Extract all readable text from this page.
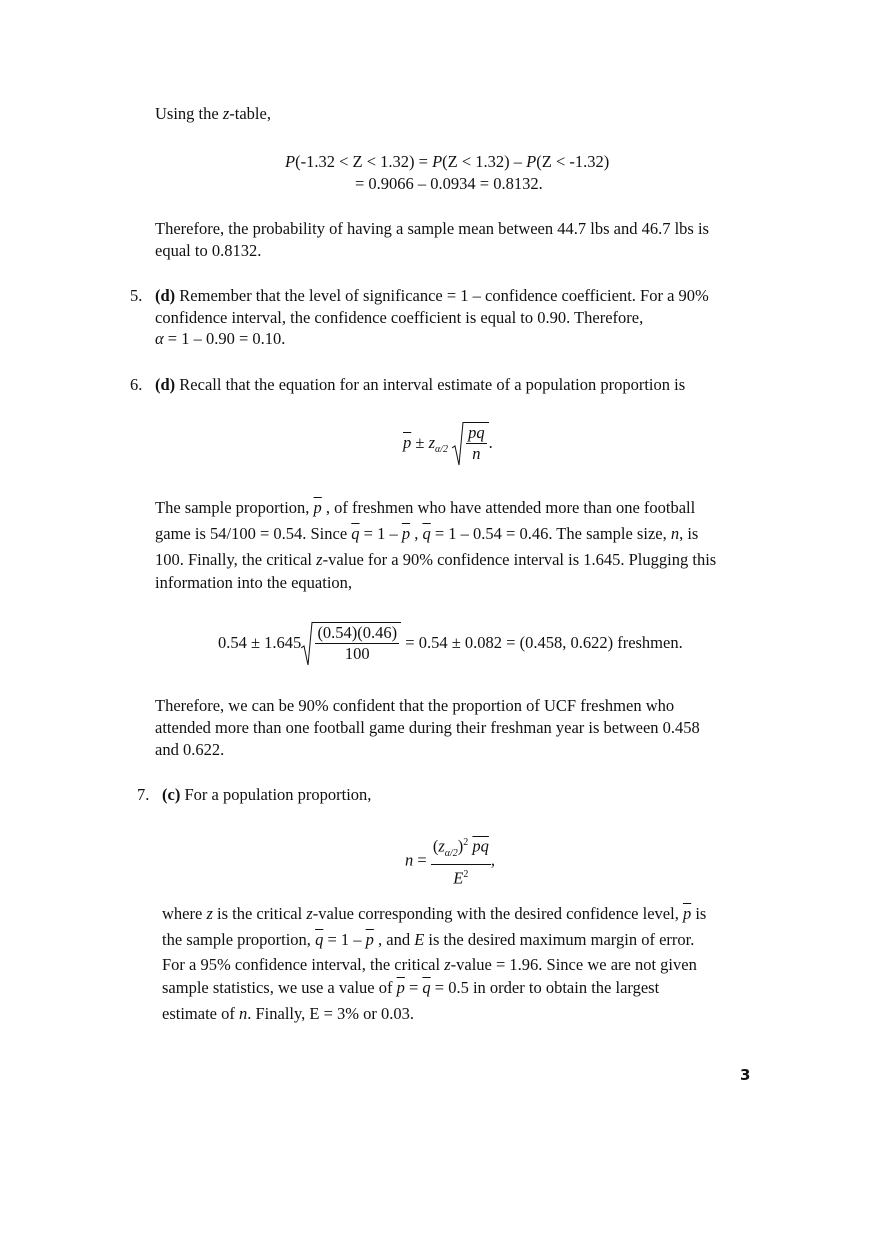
Using the z-table,
P(-1.32 < Z < 1.32) = P(Z < 1.32) – P(Z < -1.32)
= 0.9066 – 0.0934 = 0.8132.
Therefore, the probability of having a sample mean between 44.7 lbs and 46.7 lbs is
equal to 0.8132.
5. (d) Remember that the level of significance = 1 – confidence coefficient. For a 90%
confidence interval, the confidence coefficient is equal to 0.90. Therefore,
α = 1 – 0.90 = 0.10.
6. (d) Recall that the equation for an interval estimate of a population proportion is
$\overline{p} \pm z_{\alpha/2} \frac{\overline{pq}}{n}$ .
The sample proportion, $\overline{p}$ , of freshmen who have attended more than one football
game is 54/100 = 0.54. Since $\overline{q} = 1 - \overline{p}$ , $\overline{q} = 1 - 0.54 = 0.46$. The sample size, n, is
100. Finally, the critical z-value for a 90% confidence interval is 1.645. Plugging this
information into the equation,
$0.54 \pm 1.645 \frac{(0.54)(0.46)}{100} = 0.54 \pm 0.082 = (0.458$, 0.622) freshmen.
Therefore, we can be 90% confident that the proportion of UCF freshmen who
attended more than one football game during their freshman year is between 0.458
and 0.622.
7. (c) For a population proportion,
$n = \frac{(z_{\alpha/2})^2 \overline{pq}}{E^2}$ ,
where z is the critical z-value corresponding with the desired confidence level, $\overline{p}$ is
the sample proportion, $\overline{q} = 1 - \overline{p}$ , and E is the desired maximum margin of error.
For a 95% confidence interval, the critical z-value = 1.96. Since we are not given
sample statistics, we use a value of $\overline{p} = \overline{q} = 0.5$ in order to obtain the largest
estimate of n. Finally, E = 3% or 0.03.
3
